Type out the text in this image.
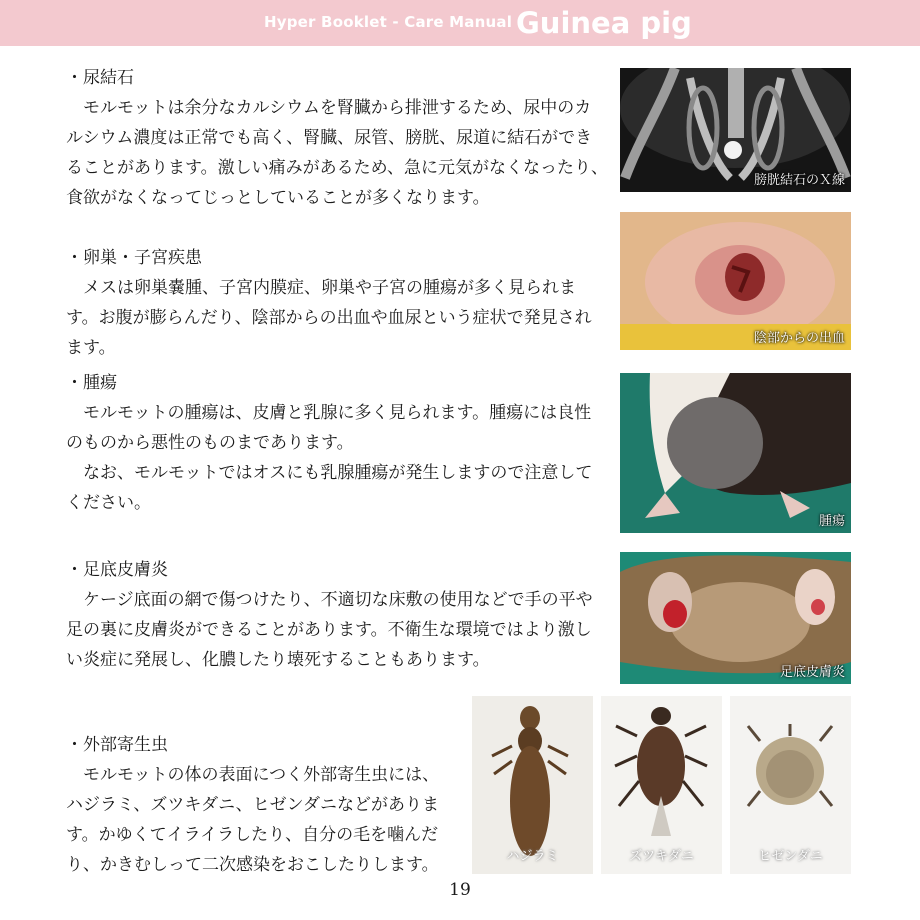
Hyper Booklet - Care Manual Guinea pig

・尿結石

モルモットは余分なカルシウムを腎臓から排泄するため、尿中のカルシウム濃度は正常でも高く、腎臓、尿管、膀胱、尿道に結石ができることがあります。激しい痛みがあるため、急に元気がなくなったり、食欲がなくなってじっとしていることが多くなります。

膀胱結石のＸ線

・卵巣・子宮疾患

メスは卵巣嚢腫、子宮内膜症、卵巣や子宮の腫瘍が多く見られます。お腹が膨らんだり、陰部からの出血や血尿という症状で発見されます。	陰部からの出血

・腫瘍

モルモットの腫瘍は、皮膚と乳腺に多く見られます。腫瘍には良性のものから悪性のものまであります。

なお、モルモットではオスにも乳腺腫瘍が発生しますので注意してください。

腫瘍

・足底皮膚炎

ケージ底面の網で傷つけたり、不適切な床敷の使用などで手の平や足の裏に皮膚炎ができることがあります。不衛生な環境ではより激しい炎症に発展し、化膿したり壊死することもあります。

足底皮膚炎

・外部寄生虫

モルモットの体の表面につく外部寄生虫には、ハジラミ、ズツキダニ、ヒゼンダニなどがあります。かゆくてイライラしたり、自分の毛を噛んだり、かきむしって二次感染をおこしたりします。	ハジラミ	ズツキダニ	ヒゼンダニ
19
